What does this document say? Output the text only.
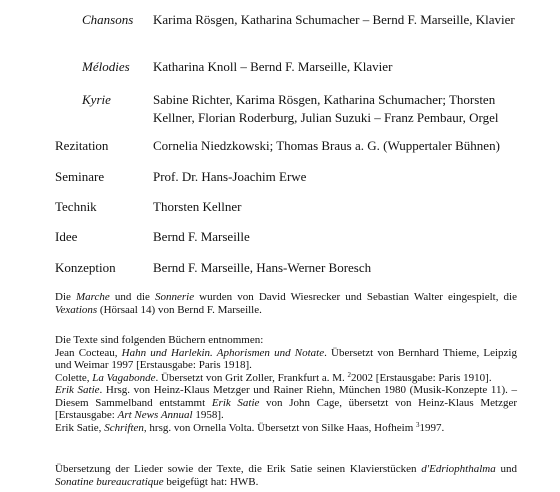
Chansons Karima Rösgen, Katharina Schumacher – Bernd F. Marseille, Klavier
Mélodies Katharina Knoll – Bernd F. Marseille, Klavier
Kyrie	Sabine Richter, Karima Rösgen, Katharina Schumacher; Thorsten Kellner, Florian Roderburg, Julian Suzuki – Franz Pembaur, Orgel
Rezitation	Cornelia Niedzkowski; Thomas Braus a. G. (Wuppertaler Bühnen)
Seminare	Prof. Dr. Hans-Joachim Erwe
Technik	Thorsten Kellner
Idee	Bernd F. Marseille
Konzeption	Bernd F. Marseille, Hans-Werner Boresch

Die Marche und die Sonnerie wurden von David Wiesrecker und Sebastian Walter eingespielt, die Vexations (Hörsaal 14) von Bernd F. Marseille.

Die Texte sind folgenden Büchern entnommen:

Jean Cocteau, Hahn und Harlekin. Aphorismen und Notate. Übersetzt von Bernhard Thieme, Leipzig und Weimar 1997 [Erstausgabe: Paris 1918].

Colette, La Vagabonde. Übersetzt von Grit Zoller, Frankfurt a. M. $^2$2002 [Erstausgabe: Paris 1910].

Erik Satie. Hrsg. von Heinz-Klaus Metzger und Rainer Riehn, München 1980 (Musik-Konzepte 11). – Diesem Sammelband entstammt Erik Satie von John Cage, übersetzt von Heinz-Klaus Metzger [Erstausgabe: Art News Annual 1958].

Erik Satie, Schriften, hrsg. von Ornella Volta. Übersetzt von Silke Haas, Hofheim $^3$1997.

Übersetzung der Lieder sowie der Texte, die Erik Satie seinen Klavierstücken d'Edriophthalma und Sonatine bureaucratique beigefügt hat: HWB.
